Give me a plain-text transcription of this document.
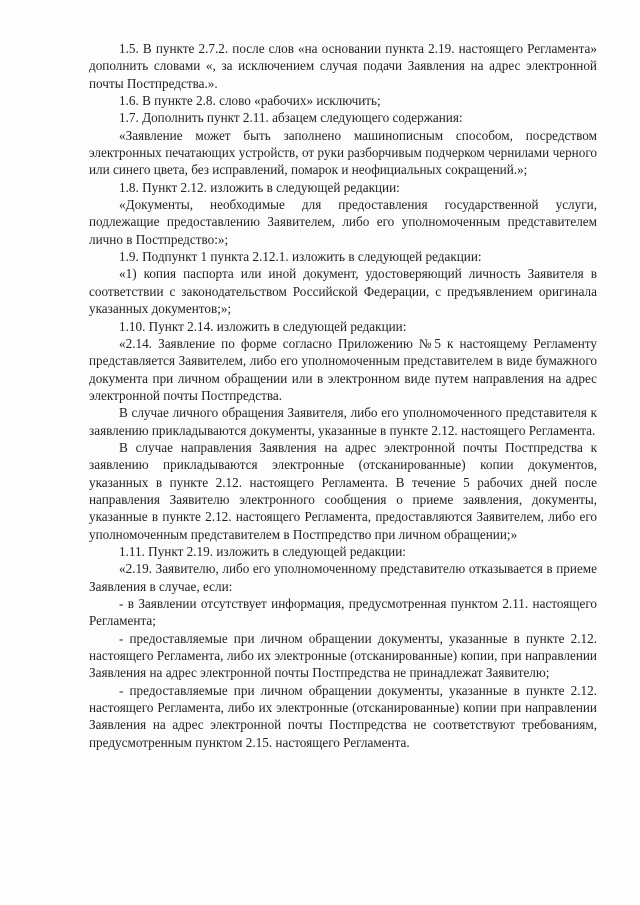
1.5. В пункте 2.7.2. после слов «на основании пункта 2.19. настоящего Регламента» дополнить словами «, за исключением случая подачи Заявления на адрес электронной почты Постпредства.».

1.6. В пункте 2.8. слово «рабочих» исключить;

1.7. Дополнить пункт 2.11. абзацем следующего содержания:

«Заявление может быть заполнено машинописным способом, посредством электронных печатающих устройств, от руки разборчивым подчерком чернилами черного или синего цвета, без исправлений, помарок и неофициальных сокращений.»;

1.8. Пункт 2.12. изложить в следующей редакции:

«Документы, необходимые для предоставления государственной услуги, подлежащие предоставлению Заявителем, либо его уполномоченным представителем лично в Постпредство:»;

1.9. Подпункт 1 пункта 2.12.1. изложить в следующей редакции:

«1) копия паспорта или иной документ, удостоверяющий личность Заявителя в соответствии с законодательством Российской Федерации, с предъявлением оригинала указанных документов;»;

1.10. Пункт 2.14. изложить в следующей редакции:

«2.14. Заявление по форме согласно Приложению №5 к настоящему Регламенту представляется Заявителем, либо его уполномоченным представителем в виде бумажного документа при личном обращении или в электронном виде путем направления на адрес электронной почты Постпредства.

В случае личного обращения Заявителя, либо его уполномоченного представителя к заявлению прикладываются документы, указанные в пункте 2.12. настоящего Регламента.

В случае направления Заявления на адрес электронной почты Постпредства к заявлению прикладываются электронные (отсканированные) копии документов, указанных в пункте 2.12. настоящего Регламента. В течение 5 рабочих дней после направления Заявителю электронного сообщения о приеме заявления, документы, указанные в пункте 2.12. настоящего Регламента, предоставляются Заявителем, либо его уполномоченным представителем в Постпредство при личном обращении;»

1.11. Пункт 2.19. изложить в следующей редакции:

«2.19. Заявителю, либо его уполномоченному представителю отказывается в приеме Заявления в случае, если:

- в Заявлении отсутствует информация, предусмотренная пунктом 2.11. настоящего Регламента;

- предоставляемые при личном обращении документы, указанные в пункте 2.12. настоящего Регламента, либо их электронные (отсканированные) копии, при направлении Заявления на адрес электронной почты Постпредства не принадлежат Заявителю;

- предоставляемые при личном обращении документы, указанные в пункте 2.12. настоящего Регламента, либо их электронные (отсканированные) копии при направлении Заявления на адрес электронной почты Постпредства не соответствуют требованиям, предусмотренным пунктом 2.15. настоящего Регламента.
